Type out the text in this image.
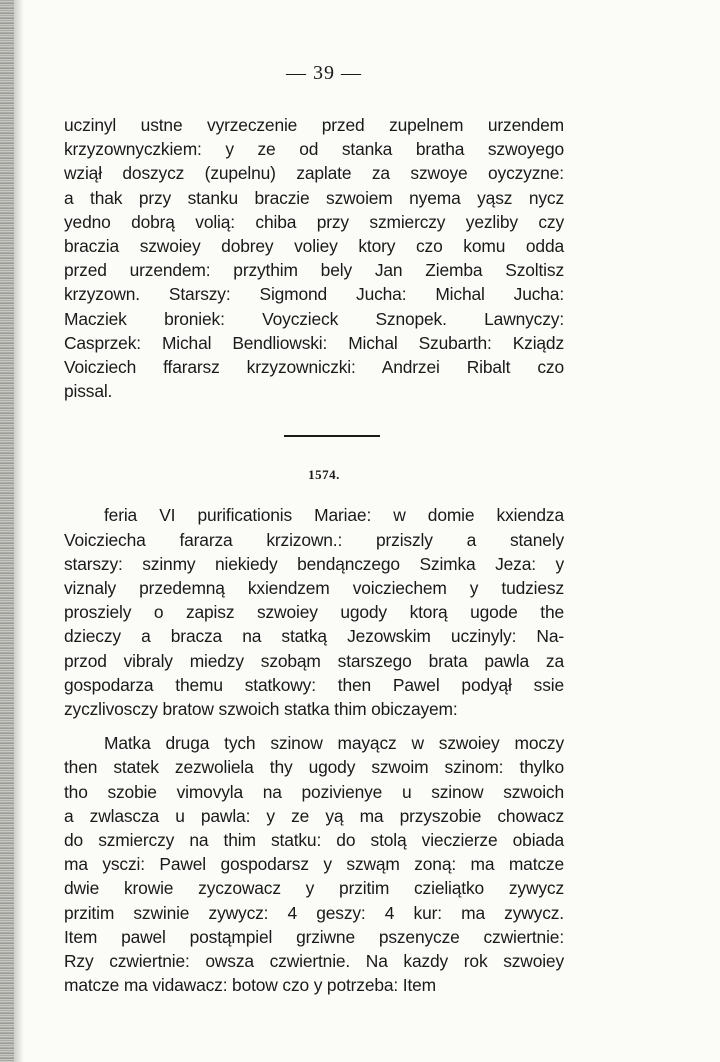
— 39 —

uczinyl ustne vyrzeczenie przed zupelnem urzendem
krzyzownyczkiem: y ze od stanka bratha szwoyego
wziął doszycz (zupelnu) zaplate za szwoye oyczyzne:
a thak przy stanku braczie szwoiem nyema yąsz nycz
yedno dobrą volią: chiba przy szmierczy yezliby czy
braczia szwoiey dobrey voliey ktory czo komu odda
przed urzendem: przythim bely Jan Ziemba Szoltisz
krzyzown. Starszy: Sigmond Jucha: Michal Jucha:
Macziek broniek: Voyczieck Sznopek. Lawnyczy:
Casprzek: Michal Bendliowski: Michal Szubarth: Kziądz
Voicziech ffararsz krzyzowniczki: Andrzei Ribalt czo
pissal.

1574.

feria VI purificationis Mariae: w domie kxiendza
Voicziecha fararza krzizown.: prziszly a stanely
starszy: szinmy niekiedy bendąnczego Szimka Jeza: y
viznaly przedemną kxiendzem voicziechem y tudziesz
prosziely o zapisz szwoiey ugody ktorą ugode the
dzieczy a bracza na statką Jezowskim uczinyly: Na-
przod vibraly miedzy szobąm starszego brata pawla za
gospodarza themu statkowy: then Pawel podyął ssie
zyczlivosczy bratow szwoich statka thim obiczayem:

Matka druga tych szinow mayącz w szwoiey moczy
then statek zezwoliela thy ugody szwoim szinom: thylko
tho szobie vimovyla na pozivienye u szinow szwoich
a zwlascza u pawla: y ze yą ma przyszobie chowacz
do szmierczy na thim statku: do stolą vieczierze obiada
ma ysczi: Pawel gospodarsz y szwąm zoną: ma matcze
dwie krowie zyczowacz y przitim czieliątko zywycz
przitim szwinie zywycz: 4 geszy: 4 kur: ma zywycz.
Item pawel postąmpiel grziwne pszenycze czwiertnie:
Rzy czwiertnie: owsza czwiertnie. Na kazdy rok szwoiey
matcze ma vidawacz: botow czo y potrzeba: Item
